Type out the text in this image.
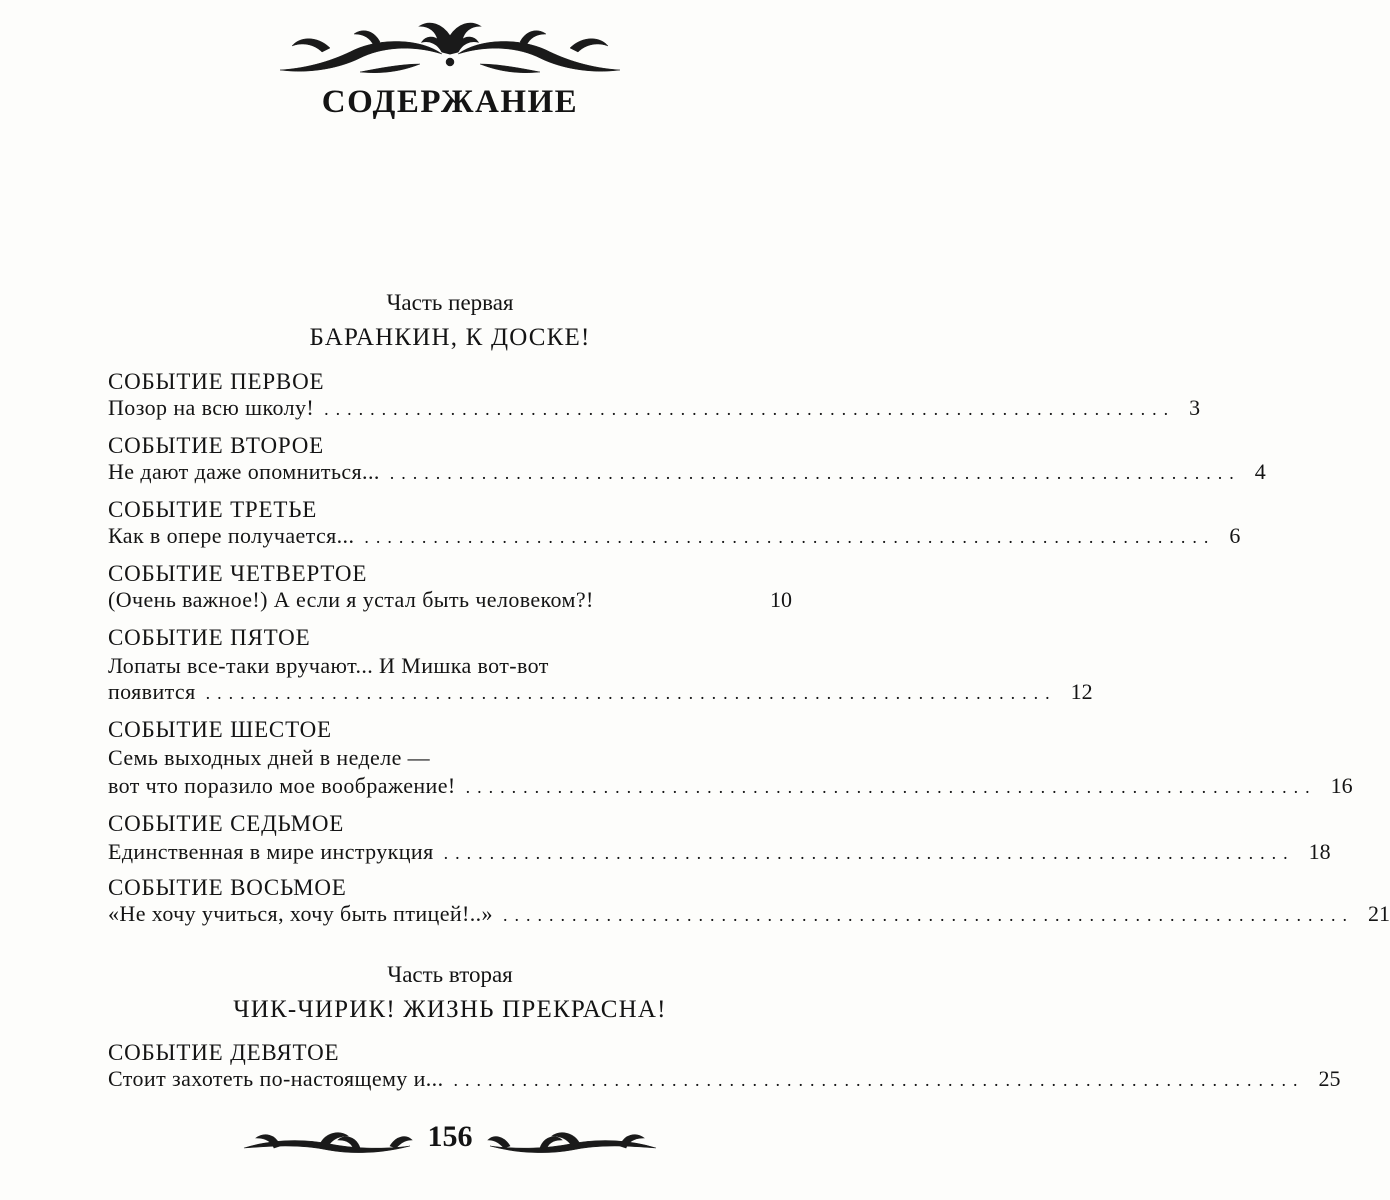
СОДЕРЖАНИЕ
Часть первая
БАРАНКИН, К ДОСКЕ!
СОБЫТИЕ ПЕРВОЕ
Позор на всю школу! .......................................................................... 3
СОБЫТИЕ ВТОРОЕ
Не дают даже опомниться... .......................................................................... 4
СОБЫТИЕ ТРЕТЬЕ
Как в опере получается... .......................................................................... 6
СОБЫТИЕ ЧЕТВЕРТОЕ
(Очень важное!) А если я устал быть человеком?!	10
СОБЫТИЕ ПЯТОЕ
Лопаты все-таки вручают... И Мишка вот-вот
появится .......................................................................... 12
СОБЫТИЕ ШЕСТОЕ
Семь выходных дней в неделе —
вот что поразило мое воображение! .......................................................................... 16
СОБЫТИЕ СЕДЬМОЕ
Единственная в мире инструкция .......................................................................... 18
СОБЫТИЕ ВОСЬМОЕ
«Не хочу учиться, хочу быть птицей!..» .......................................................................... 21
Часть вторая
ЧИК-ЧИРИК! ЖИЗНЬ ПРЕКРАСНА!
СОБЫТИЕ ДЕВЯТОЕ
Стоит захотеть по-настоящему и... .......................................................................... 25
156
